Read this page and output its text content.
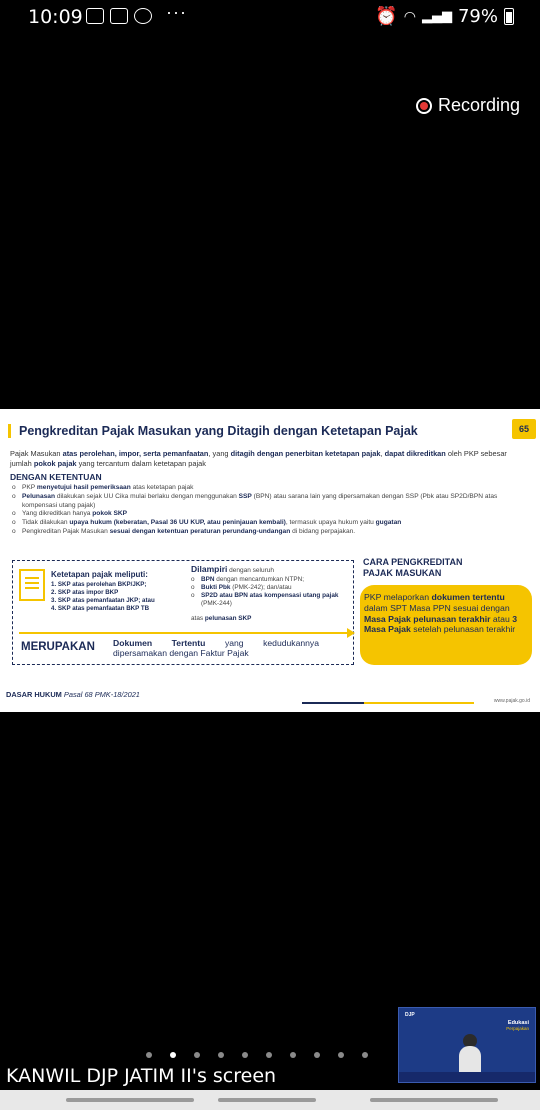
10:09	···	⏰ ◠ ▂▄▆ 79%
Recording
Pengkreditan Pajak Masukan yang Ditagih dengan Ketetapan Pajak	65
Pajak Masukan atas perolehan, impor, serta pemanfaatan, yang ditagih dengan penerbitan ketetapan pajak, dapat dikreditkan oleh PKP sebesar jumlah pokok pajak yang tercantum dalam ketetapan pajak
DENGAN KETENTUAN
o PKP menyetujui hasil pemeriksaan atas ketetapan pajak
o Pelunasan dilakukan sejak UU Cika mulai berlaku dengan menggunakan SSP (BPN) atau sarana lain yang dipersamakan dengan SSP (Pbk atau SP2D/BPN atas kompensasi utang pajak)
o Yang dikreditkan hanya pokok SKP
o Tidak dilakukan upaya hukum (keberatan, Pasal 36 UU KUP, atau peninjauan kembali), termasuk upaya hukum yaitu gugatan
o Pengkreditan Pajak Masukan sesuai dengan ketentuan peraturan perundang-undangan di bidang perpajakan.
Ketetapan pajak meliputi:
1. SKP atas perolehan BKP/JKP;
2. SKP atas impor BKP
3. SKP atas pemanfaatan JKP; atau
4. SKP atas pemanfaatan BKP TB
Dilampiri dengan seluruh
o BPN dengan mencantumkan NTPN;
o Bukti Pbk (PMK-242); dan/atau
o SP2D atau BPN atas kompensasi utang pajak (PMK-244)
atas pelunasan SKP
MERUPAKAN Dokumen Tertentu yang kedudukannya dipersamakan dengan Faktur Pajak
CARA PENGKREDITAN
PAJAK MASUKAN
PKP melaporkan dokumen tertentu dalam SPT Masa PPN sesuai dengan Masa Pajak pelunasan terakhir atau 3 Masa Pajak setelah pelunasan terakhir
DASAR HUKUM Pasal 68 PMK-18/2021
www.pajak.go.id
DJP
Edukasi
Perpajakan
KANWIL DJP JATIM II's screen
